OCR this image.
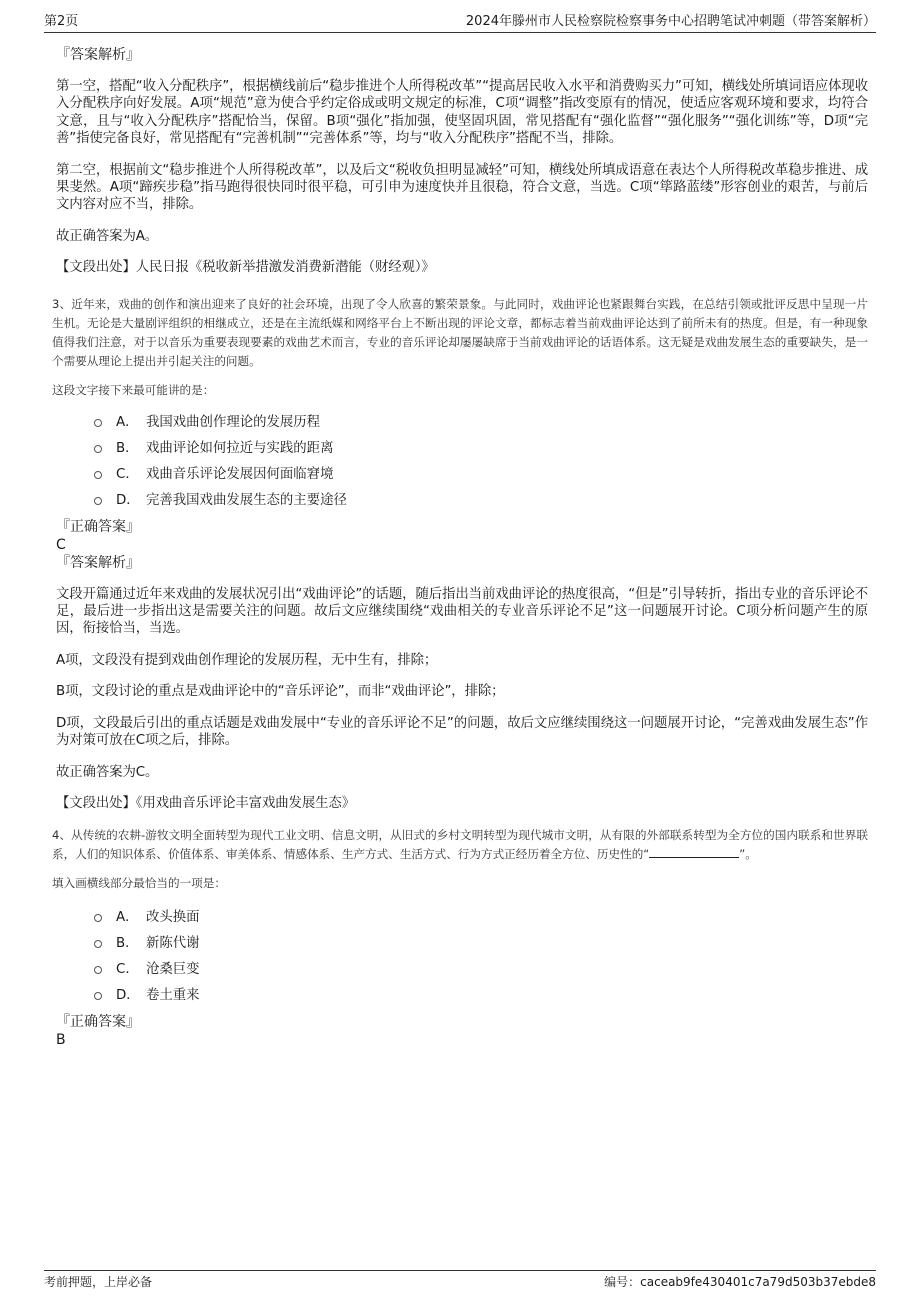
第2页	2024年滕州市人民检察院检察事务中心招聘笔试冲刺题（带答案解析）

『答案解析』

第一空，搭配“收入分配秩序”，根据横线前后“稳步推进个人所得税改革”“提高居民收入水平和消费购买力”可知，横线处所填词语应体现收入分配秩序向好发展。A项“规范”意为使合乎约定俗成或明文规定的标准，C项“调整”指改变原有的情况，使适应客观环境和要求，均符合文意，且与“收入分配秩序”搭配恰当，保留。B项“强化”指加强，使坚固巩固，常见搭配有“强化监督”“强化服务”“强化训练”等，D项“完善”指使完备良好，常见搭配有“完善机制”“完善体系”等，均与“收入分配秩序”搭配不当，排除。

第二空，根据前文“稳步推进个人所得税改革”，以及后文“税收负担明显减轻”可知，横线处所填成语意在表达个人所得税改革稳步推进、成果斐然。A项“蹄疾步稳”指马跑得很快同时很平稳，可引申为速度快并且很稳，符合文意，当选。C项“筚路蓝缕”形容创业的艰苦，与前后文内容对应不当，排除。

故正确答案为A。

【文段出处】人民日报《税收新举措激发消费新潜能（财经观）》

3、近年来，戏曲的创作和演出迎来了良好的社会环境，出现了令人欣喜的繁荣景象。与此同时，戏曲评论也紧跟舞台实践，在总结引领或批评反思中呈现一片生机。无论是大量剧评组织的相继成立，还是在主流纸媒和网络平台上不断出现的评论文章，都标志着当前戏曲评论达到了前所未有的热度。但是，有一种现象值得我们注意，对于以音乐为重要表现要素的戏曲艺术而言，专业的音乐评论却屡屡缺席于当前戏曲评论的话语体系。这无疑是戏曲发展生态的重要缺失，是一个需要从理论上提出并引起关注的问题。

这段文字接下来最可能讲的是：

A． 我国戏曲创作理论的发展历程
B． 戏曲评论如何拉近与实践的距离
C． 戏曲音乐评论发展因何面临窘境
D． 完善我国戏曲发展生态的主要途径

『正确答案』

C

『答案解析』

文段开篇通过近年来戏曲的发展状况引出“戏曲评论”的话题，随后指出当前戏曲评论的热度很高，“但是”引导转折，指出专业的音乐评论不足，最后进一步指出这是需要关注的问题。故后文应继续围绕“戏曲相关的专业音乐评论不足”这一问题展开讨论。C项分析问题产生的原因，衔接恰当，当选。

A项，文段没有提到戏曲创作理论的发展历程，无中生有，排除；

B项，文段讨论的重点是戏曲评论中的“音乐评论”，而非“戏曲评论”，排除；

D项，文段最后引出的重点话题是戏曲发展中“专业的音乐评论不足”的问题，故后文应继续围绕这一问题展开讨论，“完善戏曲发展生态”作为对策可放在C项之后，排除。

故正确答案为C。

【文段出处】《用戏曲音乐评论丰富戏曲发展生态》

4、从传统的农耕-游牧文明全面转型为现代工业文明、信息文明，从旧式的乡村文明转型为现代城市文明，从有限的外部联系转型为全方位的国内联系和世界联系，人们的知识体系、价值体系、审美体系、情感体系、生产方式、生活方式、行为方式正经历着全方位、历史性的“	”。

填入画横线部分最恰当的一项是：

A． 改头换面
B． 新陈代谢
C． 沧桑巨变
D． 卷土重来

『正确答案』

B

考前押题，上岸必备	编号：caceab9fe430401c7a79d503b37ebde8
